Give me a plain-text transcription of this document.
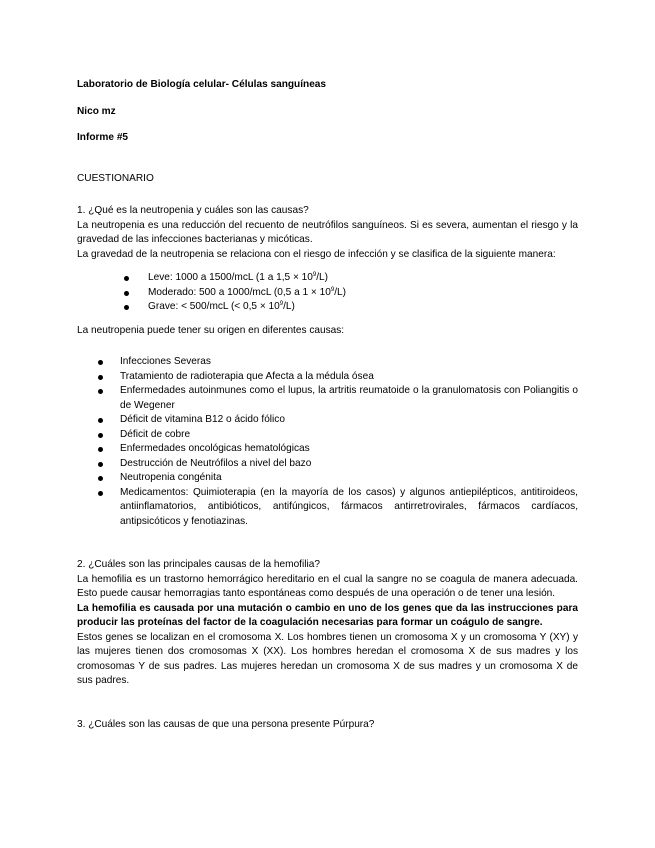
Laboratorio de Biología celular- Células sanguíneas

Nico mz

Informe #5

CUESTIONARIO

1. ¿Qué es la neutropenia y cuáles son las causas?

La neutropenia es una reducción del recuento de neutrófilos sanguíneos. Si es severa, aumentan el riesgo y la gravedad de las infecciones bacterianas y micóticas.

La gravedad de la neutropenia se relaciona con el riesgo de infección y se clasifica de la siguiente manera:

Leve: 1000 a 1500/mcL (1 a $1,5 \times 10^9/L$)
Moderado: 500 a 1000/mcL (0,5 a $1 \times 10^9/L$)
Grave: < 500/mcL (< $0,5 \times 10^9/L$)

La neutropenia puede tener su origen en diferentes causas:

Infecciones Severas
Tratamiento de radioterapia que Afecta a la médula ósea
Enfermedades autoinmunes como el lupus, la artritis reumatoide o la granulomatosis con Poliangitis o de Wegener
Déficit de vitamina B12 o ácido fólico
Déficit de cobre
Enfermedades oncológicas hematológicas
Destrucción de Neutrófilos a nivel del bazo
Neutropenia congénita
Medicamentos: Quimioterapia (en la mayoría de los casos) y algunos antiepilépticos, antitiroideos, antiinflamatorios, antibióticos, antifúngicos, fármacos antirretrovirales, fármacos cardíacos, antipsicóticos y fenotiazinas.

2. ¿Cuáles son las principales causas de la hemofilia?

La hemofilia es un trastorno hemorrágico hereditario en el cual la sangre no se coagula de manera adecuada. Esto puede causar hemorragias tanto espontáneas como después de una operación o de tener una lesión.

La hemofilia es causada por una mutación o cambio en uno de los genes que da las instrucciones para producir las proteínas del factor de la coagulación necesarias para formar un coágulo de sangre.

Estos genes se localizan en el cromosoma X. Los hombres tienen un cromosoma X y un cromosoma Y (XY) y las mujeres tienen dos cromosomas X (XX). Los hombres heredan el cromosoma X de sus madres y los cromosomas Y de sus padres. Las mujeres heredan un cromosoma X de sus madres y un cromosoma X de sus padres.

3. ¿Cuáles son las causas de que una persona presente Púrpura?
